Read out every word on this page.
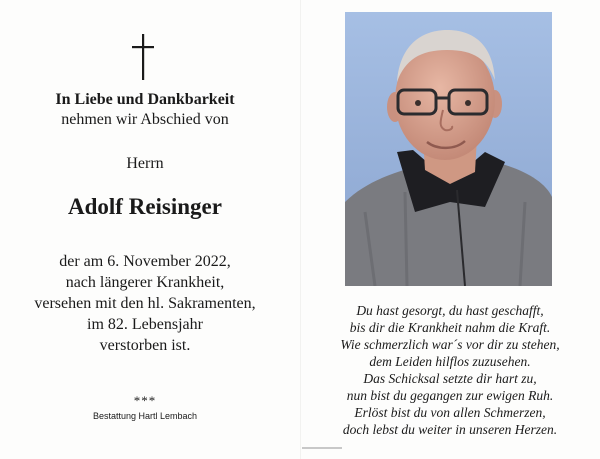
In Liebe und Dankbarkeit
nehmen wir Abschied von
Herrn
Adolf Reisinger
der am 6. November 2022,
nach längerer Krankheit,
versehen mit den hl. Sakramenten,
im 82. Lebensjahr
verstorben ist.
***
Bestattung Hartl Lembach
Du hast gesorgt, du hast geschafft,
bis dir die Krankheit nahm die Kraft.
Wie schmerzlich war´s vor dir zu stehen,
dem Leiden hilflos zuzusehen.
Das Schicksal setzte dir hart zu,
nun bist du gegangen zur ewigen Ruh.
Erlöst bist du von allen Schmerzen,
doch lebst du weiter in unseren Herzen.
